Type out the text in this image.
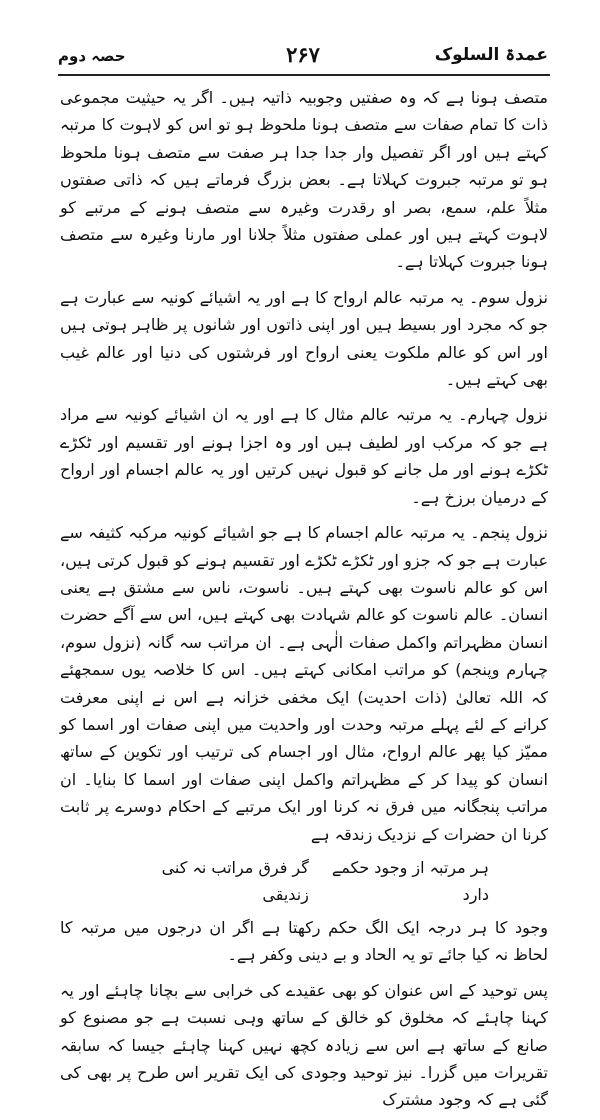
عمدۃ السلوک
۲۶۷
حصہ دوم

متصف ہونا ہے کہ وہ صفتیں وجوبیہ ذاتیہ ہیں۔ اگر یہ حیثیت مجموعی ذات کا تمام صفات سے متصف ہونا ملحوظ ہو تو اس کو لاہوت کا مرتبہ کہتے ہیں اور اگر تفصیل وار جدا جدا ہر صفت سے متصف ہونا ملحوظ ہو تو مرتبہ جبروت کہلاتا ہے۔ بعض بزرگ فرماتے ہیں کہ ذاتی صفتوں مثلاً علم، سمع، بصر او رقدرت وغیرہ سے متصف ہونے کے مرتبے کو لاہوت کہتے ہیں اور عملی صفتوں مثلاً جلانا اور مارنا وغیرہ سے متصف ہونا جبروت کہلاتا ہے۔

نزول سوم۔ یہ مرتبہ عالم ارواح کا ہے اور یہ اشیائے کونیہ سے عبارت ہے جو کہ مجرد اور بسیط ہیں اور اپنی ذاتوں اور شانوں پر ظاہر ہوتی ہیں اور اس کو عالم ملکوت یعنی ارواح اور فرشتوں کی دنیا اور عالم غیب بھی کہتے ہیں۔

نزول چہارم۔ یہ مرتبہ عالم مثال کا ہے اور یہ ان اشیائے کونیہ سے مراد ہے جو کہ مرکب اور لطیف ہیں اور وہ اجزا ہونے اور تقسیم اور ٹکڑے ٹکڑے ہونے اور مل جانے کو قبول نہیں کرتیں اور یہ عالم اجسام اور ارواح کے درمیان برزخ ہے۔

نزول پنجم۔ یہ مرتبہ عالم اجسام کا ہے جو اشیائے کونیہ مرکبہ کثیفہ سے عبارت ہے جو کہ جزو اور ٹکڑے ٹکڑے اور تقسیم ہونے کو قبول کرتی ہیں، اس کو عالم ناسوت بھی کہتے ہیں۔ ناسوت، ناس سے مشتق ہے یعنی انسان۔ عالم ناسوت کو عالم شہادت بھی کہتے ہیں، اس سے آگے حضرت انسان مظہراتم واکمل صفات الٰہی ہے۔ ان مراتب سہ گانہ (نزول سوم، چہارم وپنجم) کو مراتب امکانی کہتے ہیں۔ اس کا خلاصہ یوں سمجھئے کہ اللہ تعالیٰ (ذات احدیت) ایک مخفی خزانہ ہے اس نے اپنی معرفت کرانے کے لئے پہلے مرتبہ وحدت اور واحدیت میں اپنی صفات اور اسما کو ممیّز کیا پھر عالم ارواح، مثال اور اجسام کی ترتیب اور تکوین کے ساتھ انسان کو پیدا کر کے مظہراتم واکمل اپنی صفات اور اسما کا بنایا۔ ان مراتب پنجگانہ میں فرق نہ کرنا اور ایک مرتبے کے احکام دوسرے پر ثابت کرنا ان حضرات کے نزدیک زندقہ ہے

ہر مرتبہ از وجود حکمے دارد
گر فرق مراتب نہ کنی زندیقی

وجود کا ہر درجہ ایک الگ حکم رکھتا ہے اگر ان درجوں میں مرتبہ کا لحاظ نہ کیا جائے تو یہ الحاد و بے دینی وکفر ہے۔

پس توحید کے اس عنوان کو بھی عقیدے کی خرابی سے بچانا چاہئے اور یہ کہنا چاہئے کہ مخلوق کو خالق کے ساتھ وہی نسبت ہے جو مصنوع کو صانع کے ساتھ ہے اس سے زیادہ کچھ نہیں کہنا چاہئے جیسا کہ سابقہ تقریرات میں گزرا۔ نیز توحید وجودی کی ایک تقریر اس طرح پر بھی کی گئی ہے کہ وجود مشترک
